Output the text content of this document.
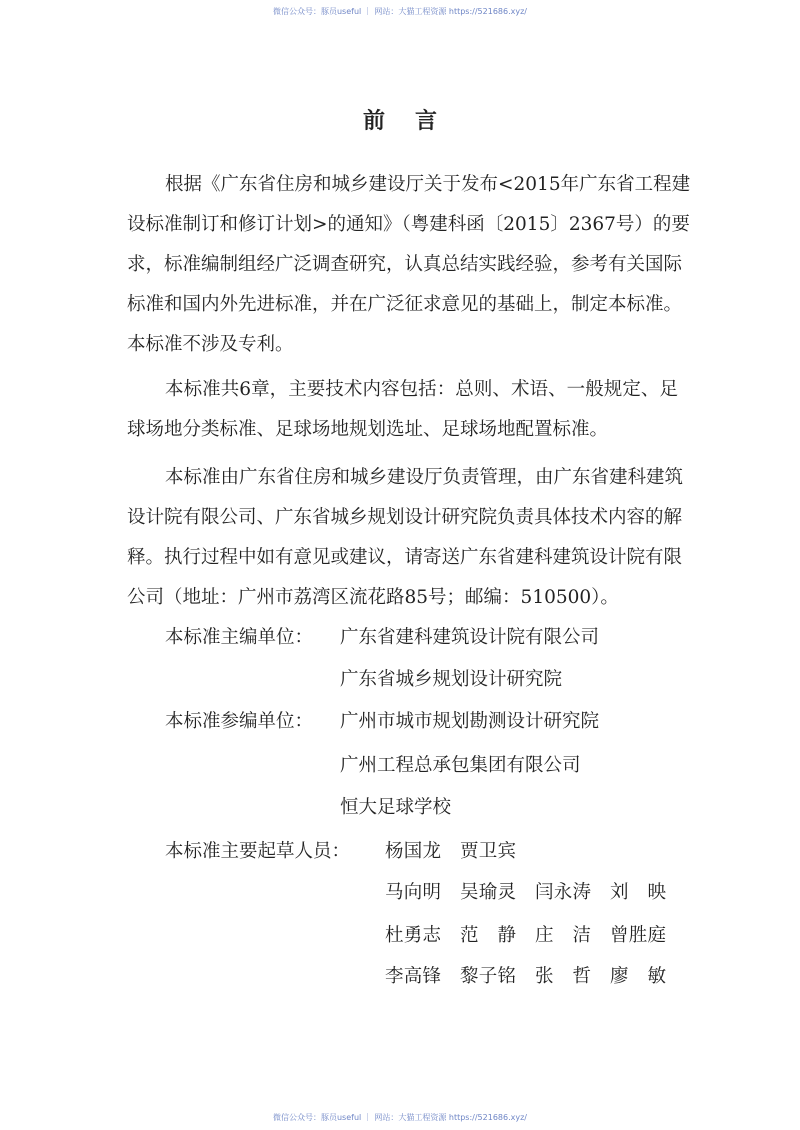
微信公众号：豚员useful ｜ 网站：大猫工程资源 https://521686.xyz/
前言
根据《广东省住房和城乡建设厅关于发布<2015年广东省工程建
设标准制订和修订计划>的通知》（粤建科函〔2015〕2367号）的要
求，标准编制组经广泛调查研究，认真总结实践经验，参考有关国际
标准和国内外先进标准，并在广泛征求意见的基础上，制定本标准。
本标准不涉及专利。
本标准共6章，主要技术内容包括：总则、术语、一般规定、足
球场地分类标准、足球场地规划选址、足球场地配置标准。
本标准由广东省住房和城乡建设厅负责管理，由广东省建科建筑
设计院有限公司、广东省城乡规划设计研究院负责具体技术内容的解
释。执行过程中如有意见或建议，请寄送广东省建科建筑设计院有限
公司（地址：广州市荔湾区流花路85号；邮编：510500）。
本标准主编单位： 广东省建科建筑设计院有限公司
广东省城乡规划设计研究院
本标准参编单位： 广州市城市规划勘测设计研究院
广州工程总承包集团有限公司
恒大足球学校
本标准主要起草人员： 杨国龙 贾卫宾
马向明 吴瑜灵 闫永涛 刘映
杜勇志 范静 庄洁 曾胜庭
李高锋 黎子铭 张哲 廖敏
微信公众号：豚员useful ｜ 网站：大猫工程资源 https://521686.xyz/
